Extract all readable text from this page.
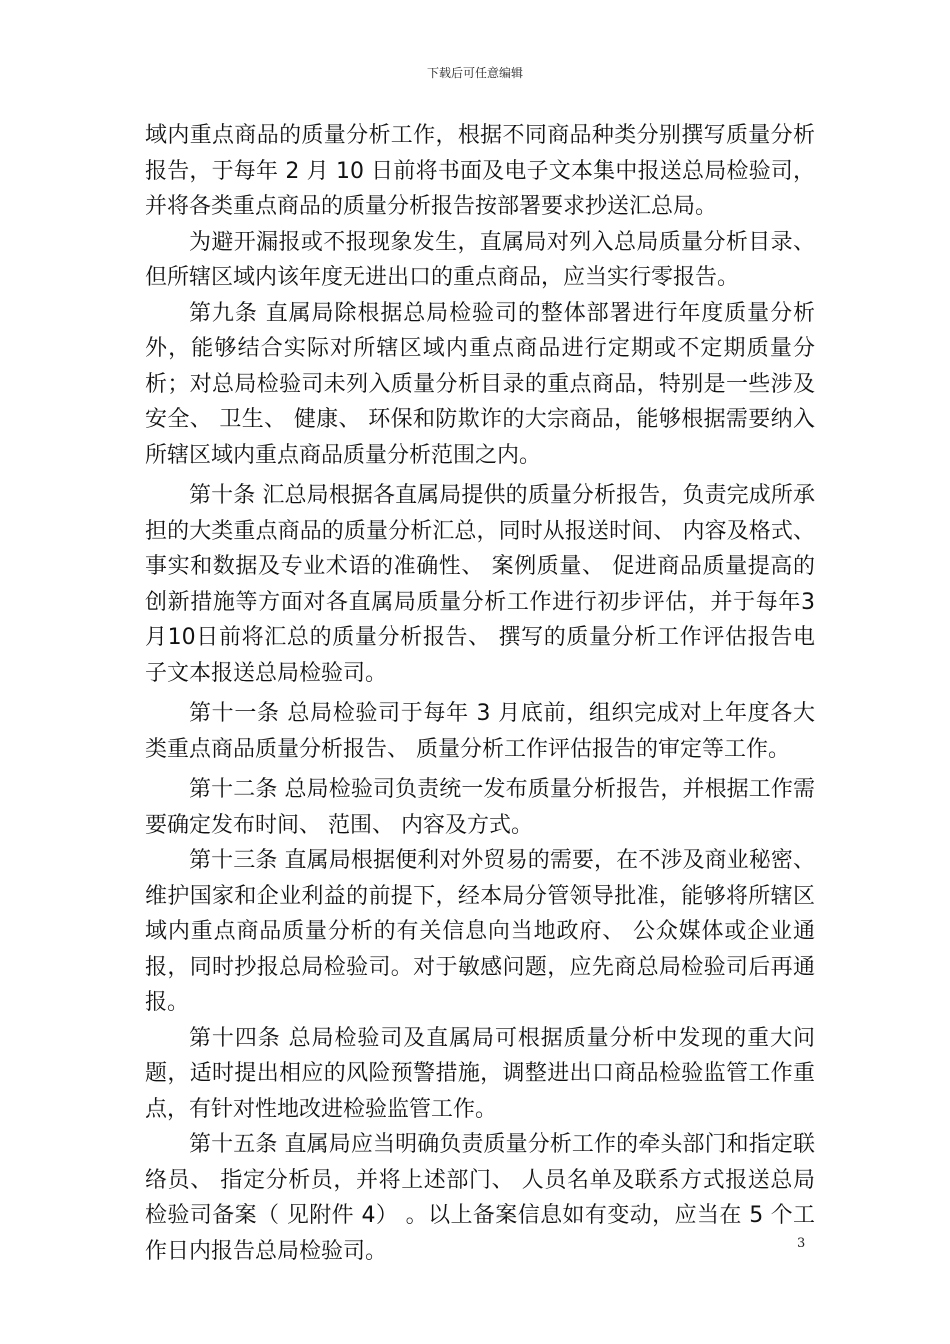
下载后可任意编辑

域内重点商品的质量分析工作，根据不同商品种类分别撰写质量分析报告，于每年 2 月 10 日前将书面及电子文本集中报送总局检验司，并将各类重点商品的质量分析报告按部署要求抄送汇总局。

为避开漏报或不报现象发生，直属局对列入总局质量分析目录、 但所辖区域内该年度无进出口的重点商品，应当实行零报告。

第九条 直属局除根据总局检验司的整体部署进行年度质量分析外，能够结合实际对所辖区域内重点商品进行定期或不定期质量分析；对总局检验司未列入质量分析目录的重点商品，特别是一些涉及安全、 卫生、 健康、 环保和防欺诈的大宗商品，能够根据需要纳入所辖区域内重点商品质量分析范围之内。

第十条 汇总局根据各直属局提供的质量分析报告，负责完成所承担的大类重点商品的质量分析汇总，同时从报送时间、 内容及格式、 事实和数据及专业术语的准确性、 案例质量、 促进商品质量提高的创新措施等方面对各直属局质量分析工作进行初步评估，并于每年3月10日前将汇总的质量分析报告、 撰写的质量分析工作评估报告电子文本报送总局检验司。

第十一条 总局检验司于每年 3 月底前，组织完成对上年度各大类重点商品质量分析报告、 质量分析工作评估报告的审定等工作。

第十二条 总局检验司负责统一发布质量分析报告，并根据工作需要确定发布时间、 范围、 内容及方式。

第十三条 直属局根据便利对外贸易的需要，在不涉及商业秘密、 维护国家和企业利益的前提下，经本局分管领导批准，能够将所辖区域内重点商品质量分析的有关信息向当地政府、 公众媒体或企业通报，同时抄报总局检验司。对于敏感问题，应先商总局检验司后再通报。

第十四条 总局检验司及直属局可根据质量分析中发现的重大问题，适时提出相应的风险预警措施，调整进出口商品检验监管工作重点，有针对性地改进检验监管工作。

第十五条 直属局应当明确负责质量分析工作的牵头部门和指定联络员、 指定分析员，并将上述部门、 人员名单及联系方式报送总局检验司备案（ 见附件 4） 。以上备案信息如有变动，应当在 5 个工作日内报告总局检验司。	3
